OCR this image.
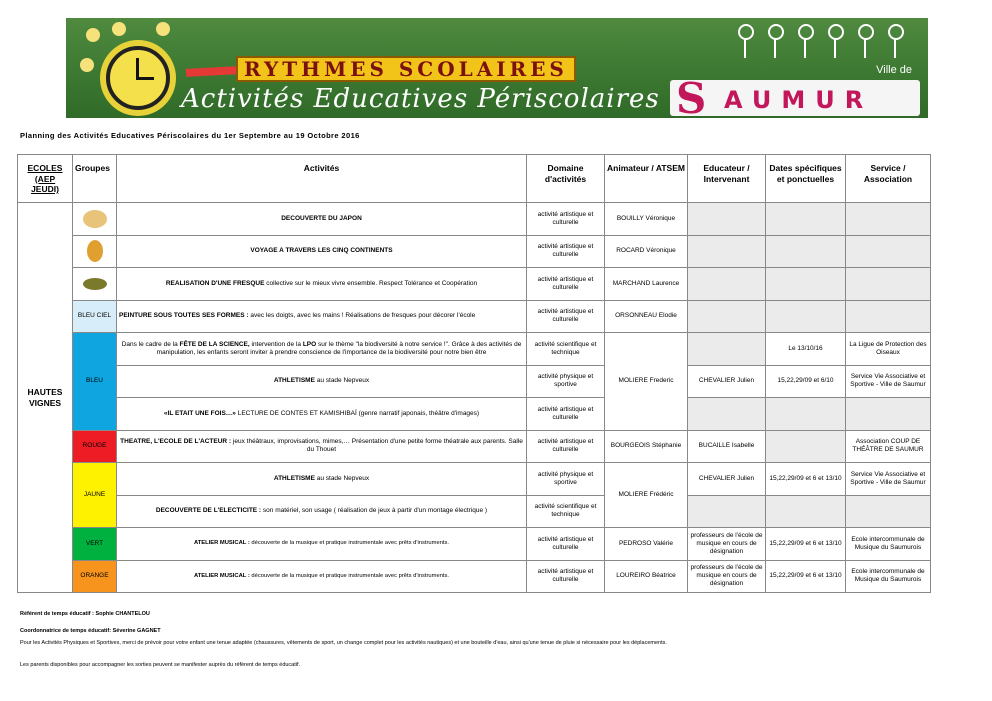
RYTHMES SCOLAIRES
Activités Educatives Périscolaires S AUMUR
Ville de
Planning des Activités Educatives Périscolaires du 1er Septembre au 19 Octobre 2016
ECOLES (AEP JEUDI)	Groupes	Activités	Domaine d'activités	Animateur / ATSEM	Educateur / Intervenant	Dates spécifiques et ponctuelles	Service / Association
HAUTES VIGNES		DECOUVERTE DU JAPON	activité artistique et culturelle	BOUILLY Véronique			

		VOYAGE A TRAVERS LES CINQ CONTINENTS	activité artistique et culturelle	ROCARD Véronique			

		REALISATION D'UNE FRESQUE collective sur le mieux vivre ensemble. Respect Tolérance et Coopération	activité artistique et culturelle	MARCHAND Laurence			
	BLEU CIEL	PEINTURE SOUS TOUTES SES FORMES : avec les doigts, avec les mains ! Réalisations de fresques pour décorer l'école	activité artistique et culturelle	ORSONNEAU Elodie			
	BLEU	Dans le cadre de la FÊTE DE LA SCIENCE, intervention de la LPO sur le thème "la biodiversité à notre service !". Grâce à des activités de manipulation, les enfants seront inviter à prendre conscience de l'importance de la biodiversité pour notre bien être	activité scientifique et technique	MOLIERE Frederic		Le 13/10/16	La Ligue de Protection des Oiseaux
		ATHLETISME au stade Nepveux	activité physique et sportive		CHEVALIER Julien	15,22,29/09 et 6/10	Service Vie Associative et Sportive - Ville de Saumur
		«IL ETAIT UNE FOIS…» LECTURE DE CONTES ET KAMISHIBAÏ (genre narratif japonais, théâtre d'images)	activité artistique et culturelle				
	ROUGE	THEATRE, L'ECOLE DE L'ACTEUR : jeux théâtraux, improvisations, mimes,… Présentation d'une petite forme théatrale aux parents. Salle du Thouet	activité artistique et culturelle	BOURGEOIS Stéphanie	BUCAILLE Isabelle		Association COUP DE THÉÂTRE DE SAUMUR
	JAUNE	ATHLETISME au stade Nepveux	activité physique et sportive	MOLIERE Frédéric	CHEVALIER Julien	15,22,29/09 et 6 et 13/10	Service Vie Associative et Sportive - Ville de Saumur
		DECOUVERTE DE L'ELECTICITE : son matériel, son usage ( réalisation de jeux à partir d'un montage électrique )	activité scientifique et technique				
	VERT	ATELIER MUSICAL : découverte de la musique et pratique instrumentale avec prêts d'instruments.	activité artistique et culturelle	PEDROSO Valérie	professeurs de l'école de musique en cours de désignation	15,22,29/09 et 6 et 13/10	Ecole intercommunale de Musique du Saumurois
	ORANGE	ATELIER MUSICAL : découverte de la musique et pratique instrumentale avec prêts d'instruments.	activité artistique et culturelle	LOUREIRO Béatrice	professeurs de l'école de musique en cours de désignation	15,22,29/09 et 6 et 13/10	Ecole intercommunale de Musique du Saumurois
Référent de temps éducatif : Sophie CHANTELOU
Coordonnatrice de temps éducatif: Séverine GAGNET
Pour les Activités Physiques et Sportives, merci de prévoir pour votre enfant une tenue adaptée (chaussures, vêtements de sport, un change complet pour les activités nautiques) et une bouteille d'eau, ainsi qu'une tenue de pluie si nécessaire pour les déplacements.
Les parents disponibles pour accompagner les sorties peuvent se manifester auprès du référent de temps éducatif.
